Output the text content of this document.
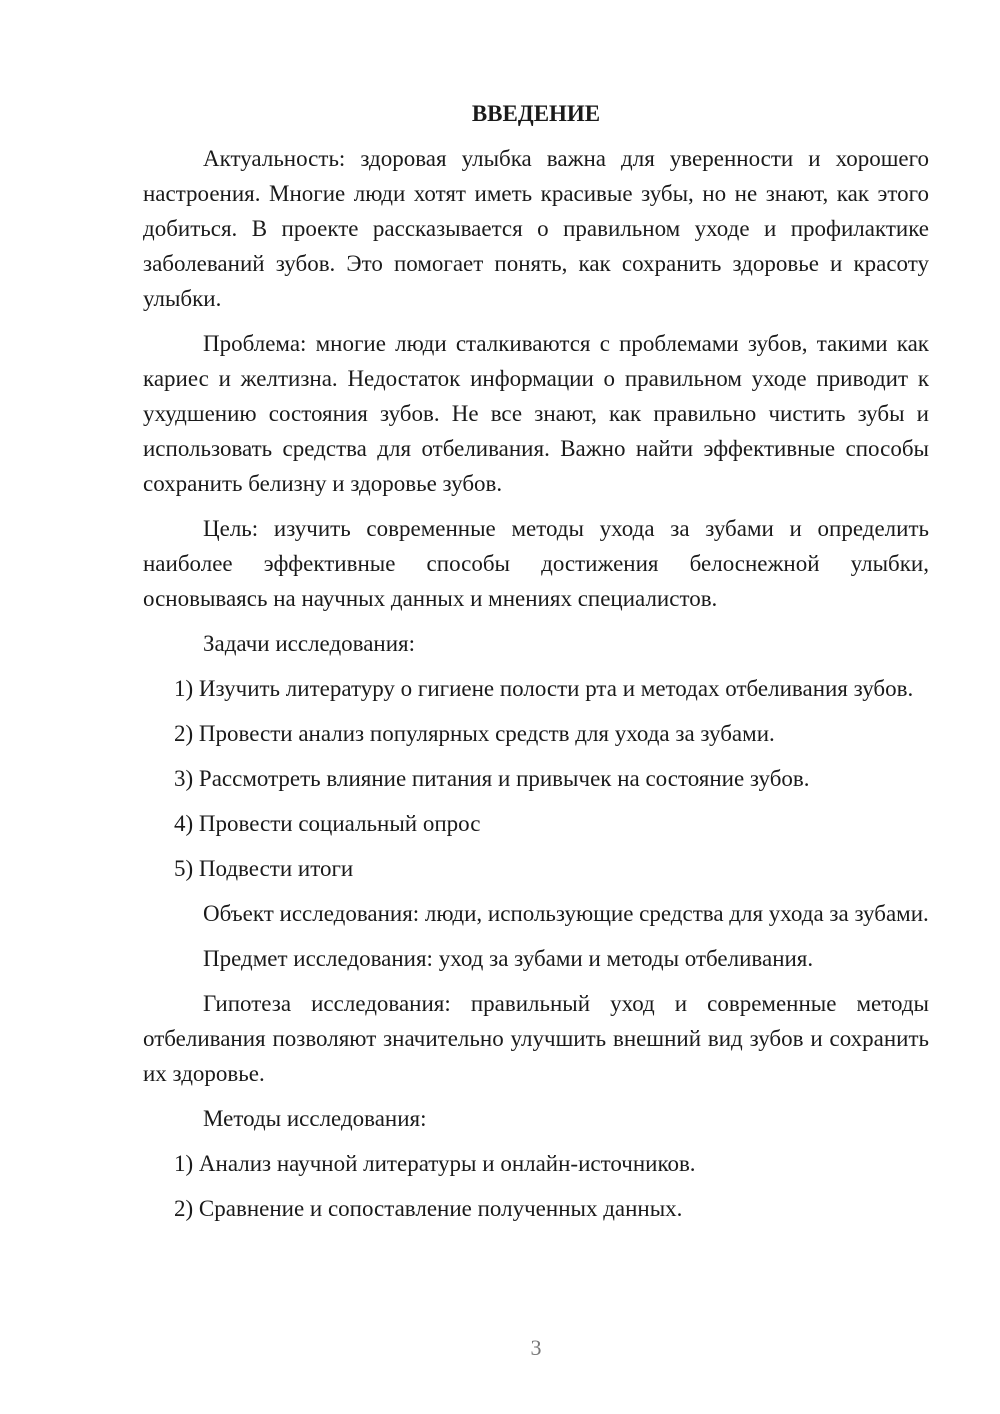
ВВЕДЕНИЕ

Актуальность: здоровая улыбка важна для уверенности и хорошего настроения. Многие люди хотят иметь красивые зубы, но не знают, как этого добиться. В проекте рассказывается о правильном уходе и профилактике заболеваний зубов. Это помогает понять, как сохранить здоровье и красоту улыбки.

Проблема: многие люди сталкиваются с проблемами зубов, такими как кариес и желтизна. Недостаток информации о правильном уходе приводит к ухудшению состояния зубов. Не все знают, как правильно чистить зубы и использовать средства для отбеливания. Важно найти эффективные способы сохранить белизну и здоровье зубов.

Цель: изучить современные методы ухода за зубами и определить наиболее эффективные способы достижения белоснежной улыбки, основываясь на научных данных и мнениях специалистов.

Задачи исследования:

1) Изучить литературу о гигиене полости рта и методах отбеливания зубов.

2) Провести анализ популярных средств для ухода за зубами.

3) Рассмотреть влияние питания и привычек на состояние зубов.

4) Провести социальный опрос

5) Подвести итоги

Объект исследования: люди, использующие средства для ухода за зубами.

Предмет исследования: уход за зубами и методы отбеливания.

Гипотеза исследования: правильный уход и современные методы отбеливания позволяют значительно улучшить внешний вид зубов и сохранить их здоровье.

Методы исследования:

1) Анализ научной литературы и онлайн-источников.

2) Сравнение и сопоставление полученных данных.

3
